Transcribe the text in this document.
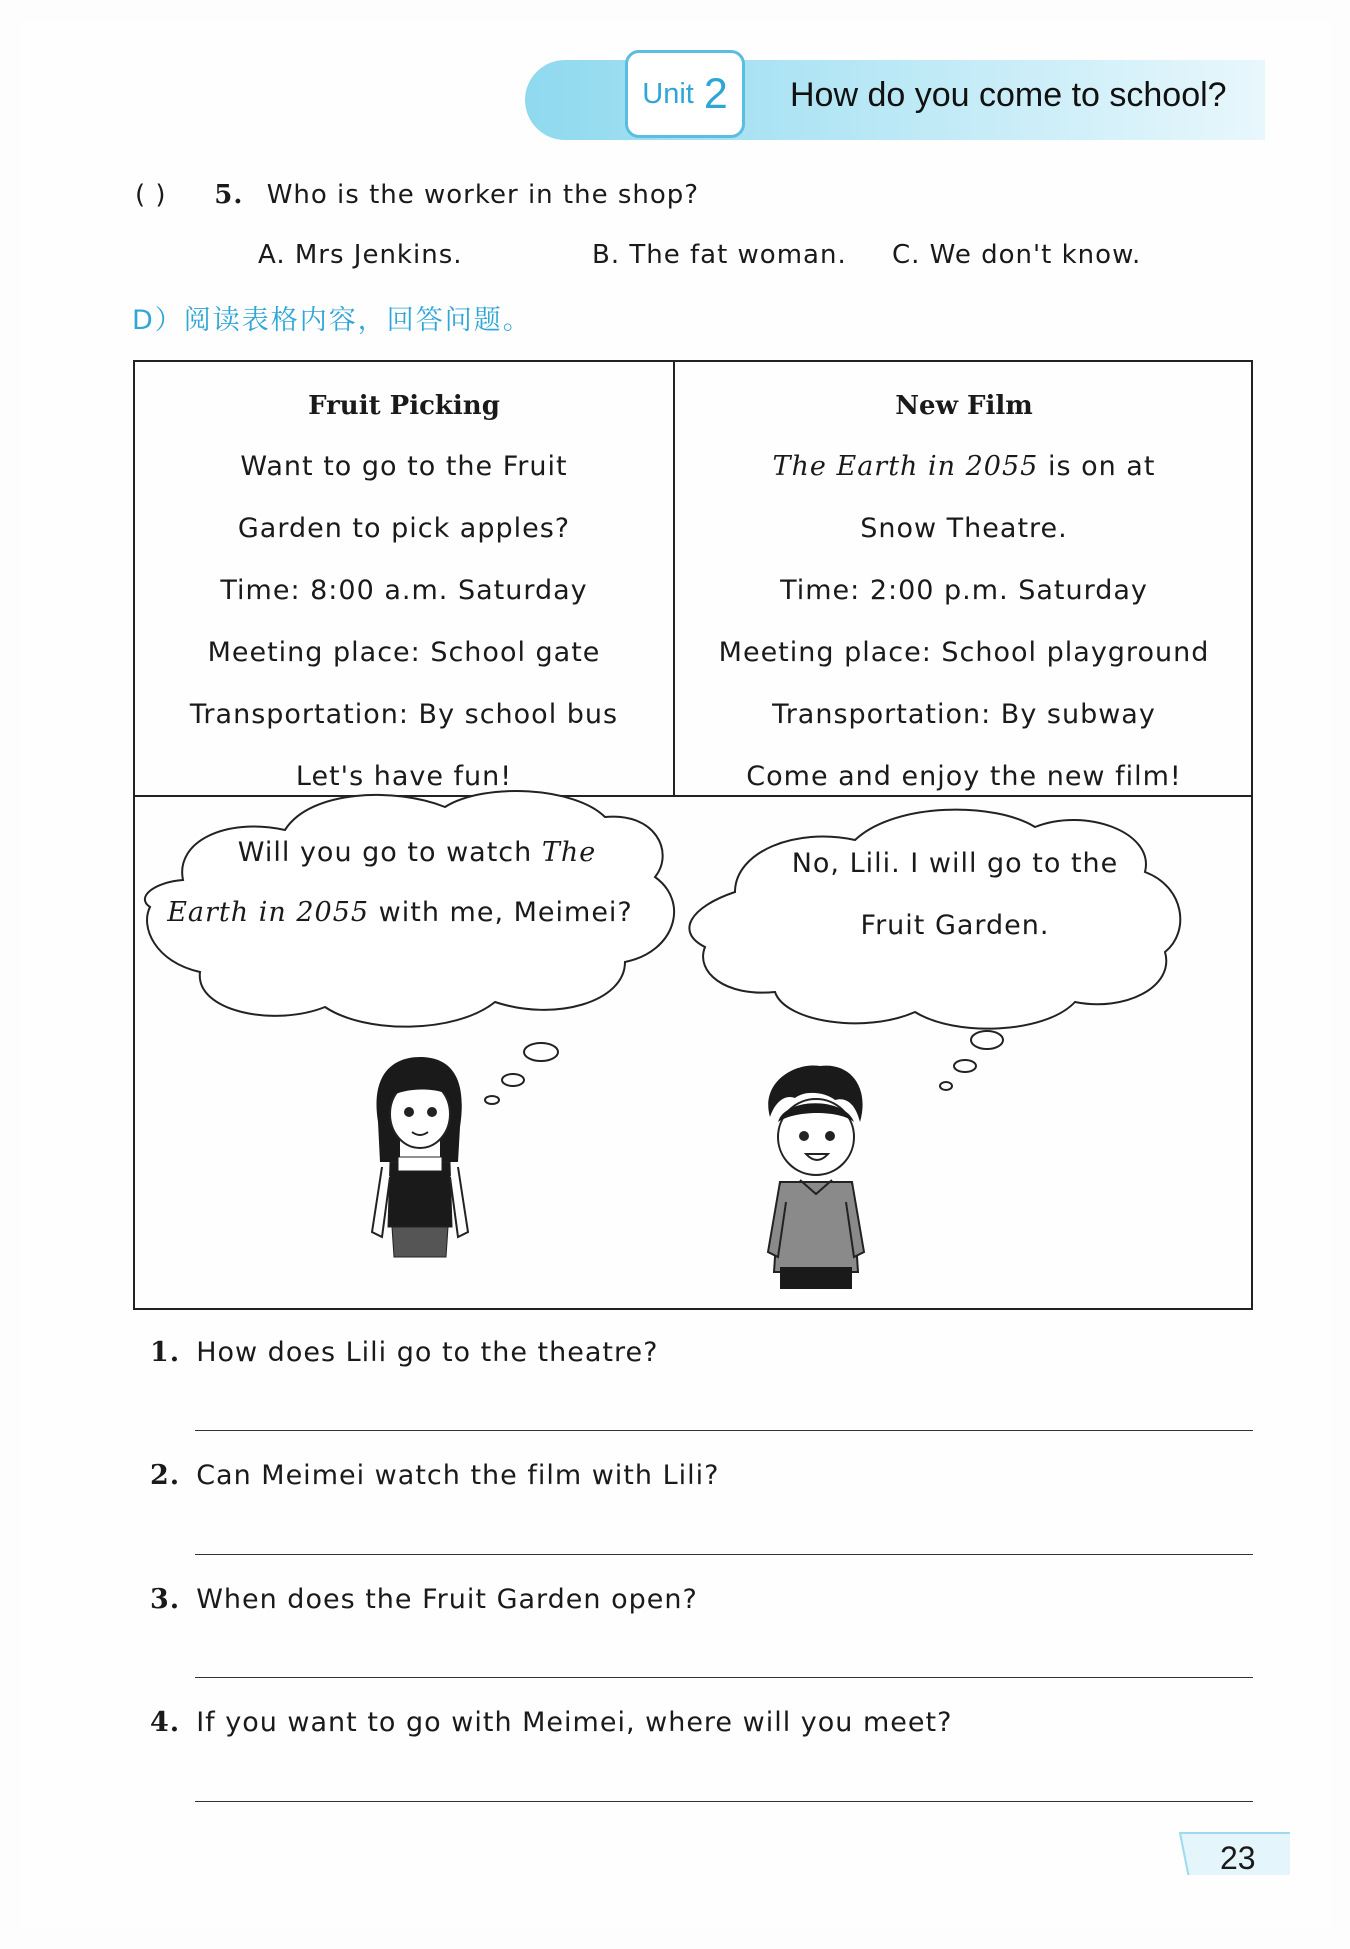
Unit 2 How do you come to school?
( ) 5. Who is the worker in the shop?
A. Mrs Jenkins.	B. The fat woman. C. We don't know.
D）阅读表格内容，回答问题。
Fruit Picking
Want to go to the Fruit
Garden to pick apples?
Time: 8:00 a.m. Saturday
Meeting place: School gate
Transportation: By school bus
Let's have fun!
New Film
The Earth in 2055 is on at
Snow Theatre.
Time: 2:00 p.m. Saturday
Meeting place: School playground
Transportation: By subway
Come and enjoy the new film!
Will you go to watch The
Earth in 2055 with me, Meimei?
No, Lili. I will go to the
Fruit Garden.
1. How does Lili go to the theatre?
2. Can Meimei watch the film with Lili?
3. When does the Fruit Garden open?
4. If you want to go with Meimei, where will you meet?
23
